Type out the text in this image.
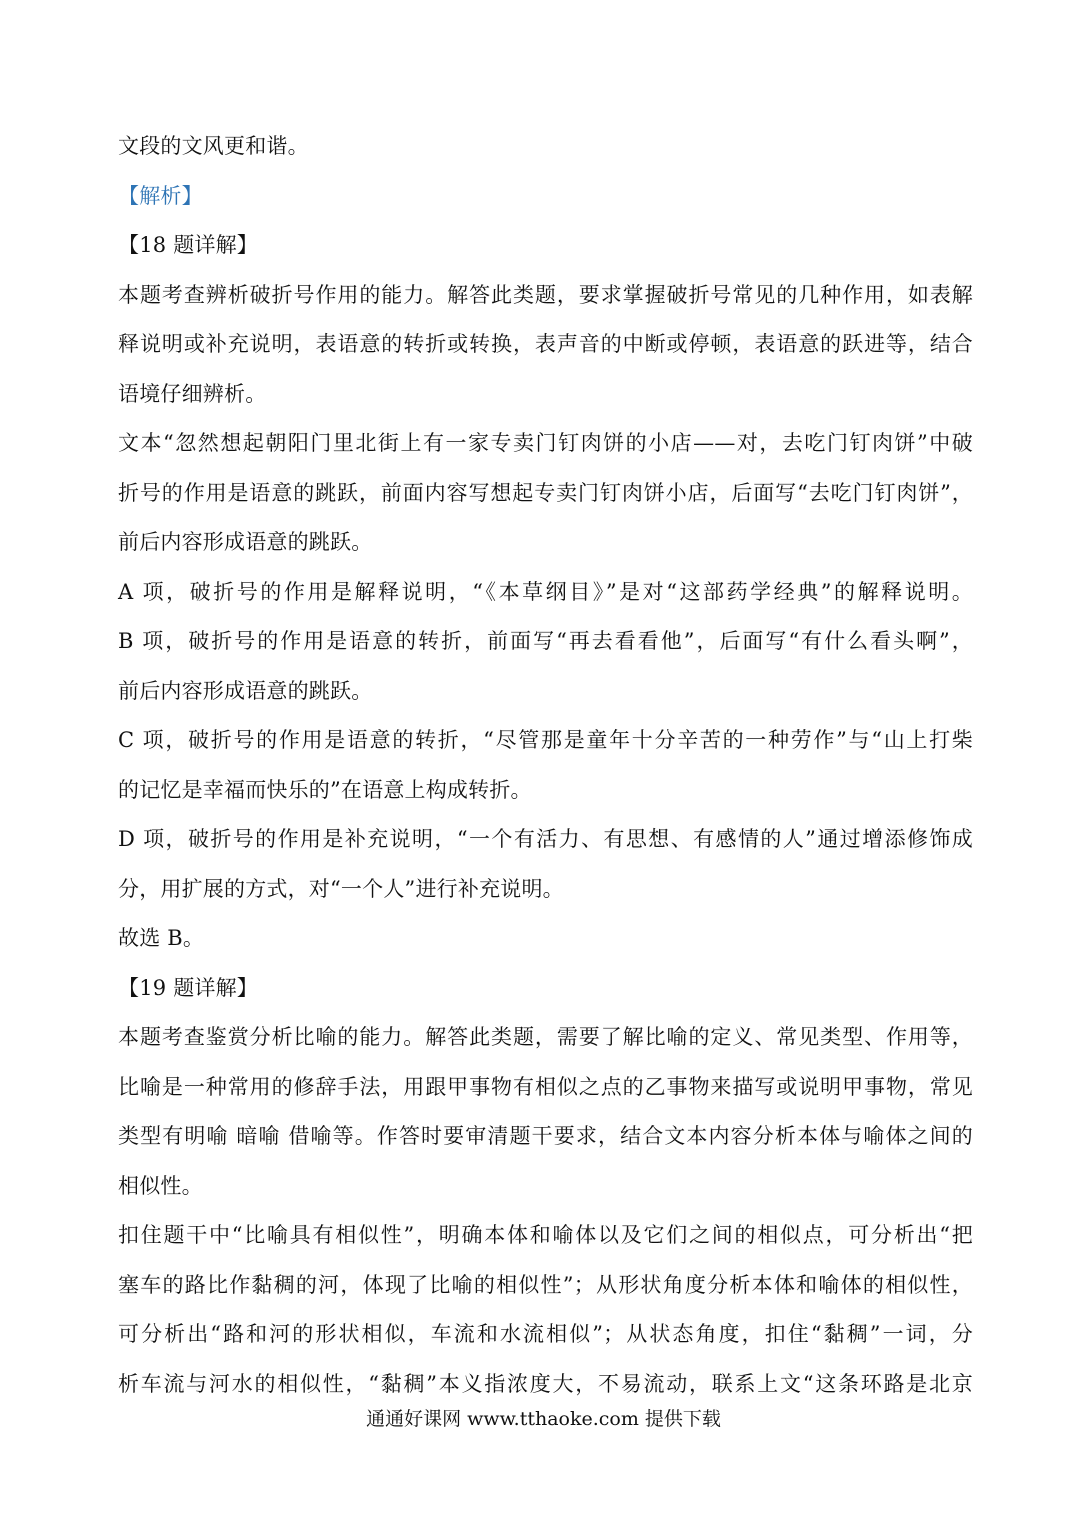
文段的文风更和谐。
【解析】
【18 题详解】
本题考查辨析破折号作用的能力。解答此类题，要求掌握破折号常见的几种作用，如表解
释说明或补充说明，表语意的转折或转换，表声音的中断或停顿，表语意的跃进等，结合
语境仔细辨析。
文本“忽然想起朝阳门里北街上有一家专卖门钉肉饼的小店——对，去吃门钉肉饼”中破
折号的作用是语意的跳跃，前面内容写想起专卖门钉肉饼小店，后面写“去吃门钉肉饼”，
前后内容形成语意的跳跃。
A 项，破折号的作用是解释说明，“《本草纲目》”是对“这部药学经典”的解释说明。
B 项，破折号的作用是语意的转折，前面写“再去看看他”，后面写“有什么看头啊”，
前后内容形成语意的跳跃。
C 项，破折号的作用是语意的转折，“尽管那是童年十分辛苦的一种劳作”与“山上打柴
的记忆是幸福而快乐的”在语意上构成转折。
D 项，破折号的作用是补充说明，“一个有活力、有思想、有感情的人”通过增添修饰成
分，用扩展的方式，对“一个人”进行补充说明。
故选 B。
【19 题详解】
本题考查鉴赏分析比喻的能力。解答此类题，需要了解比喻的定义、常见类型、作用等，
比喻是一种常用的修辞手法，用跟甲事物有相似之点的乙事物来描写或说明甲事物，常见
类型有明喻 暗喻 借喻等。作答时要审清题干要求，结合文本内容分析本体与喻体之间的
相似性。
扣住题干中“比喻具有相似性”，明确本体和喻体以及它们之间的相似点，可分析出“把
塞车的路比作黏稠的河，体现了比喻的相似性”；从形状角度分析本体和喻体的相似性，
可分析出“路和河的形状相似，车流和水流相似”；从状态角度，扣住“黏稠”一词，分
析车流与河水的相似性，“黏稠”本义指浓度大，不易流动，联系上文“这条环路是北京
通通好课网 www.tthaoke.com 提供下载
